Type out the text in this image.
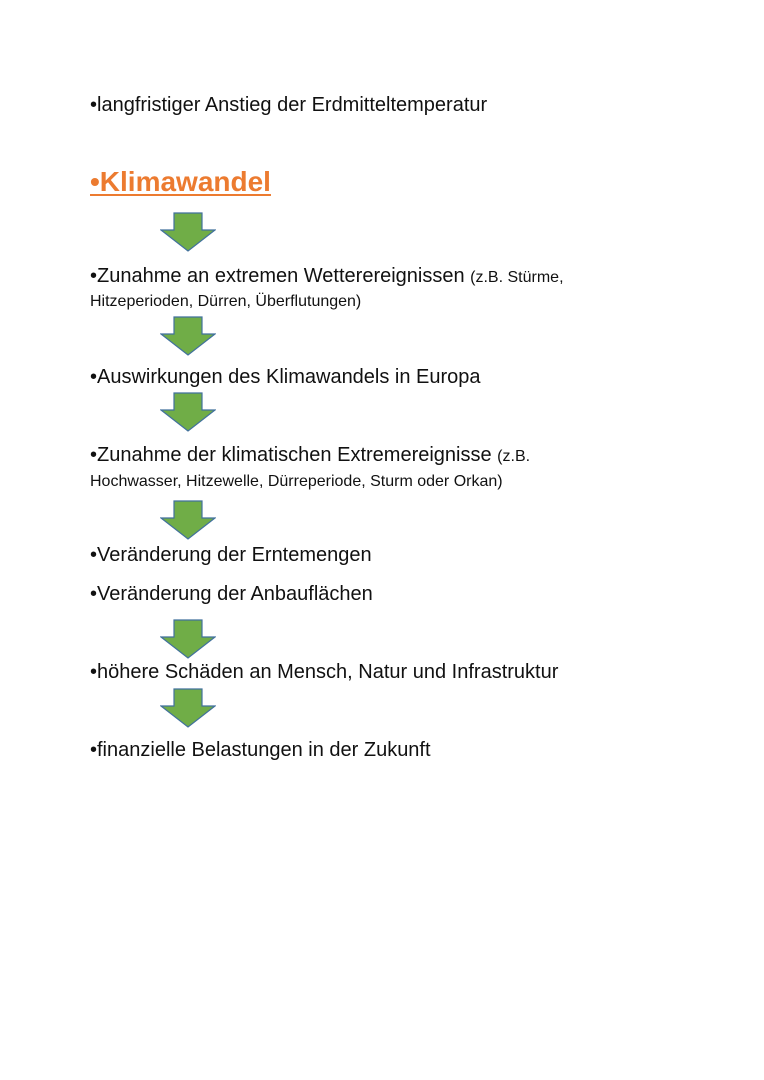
•langfristiger Anstieg der Erdmitteltemperatur
•Klimawandel
•Zunahme an extremen Wetterereignissen (z.B. Stürme,
Hitzeperioden, Dürren, Überflutungen)
•Auswirkungen des Klimawandels in Europa
•Zunahme der klimatischen Extremereignisse (z.B.
Hochwasser, Hitzewelle, Dürreperiode, Sturm oder Orkan)
•Veränderung der Erntemengen
•Veränderung der Anbauflächen
•höhere Schäden an Mensch, Natur und Infrastruktur
•finanzielle Belastungen in der Zukunft
